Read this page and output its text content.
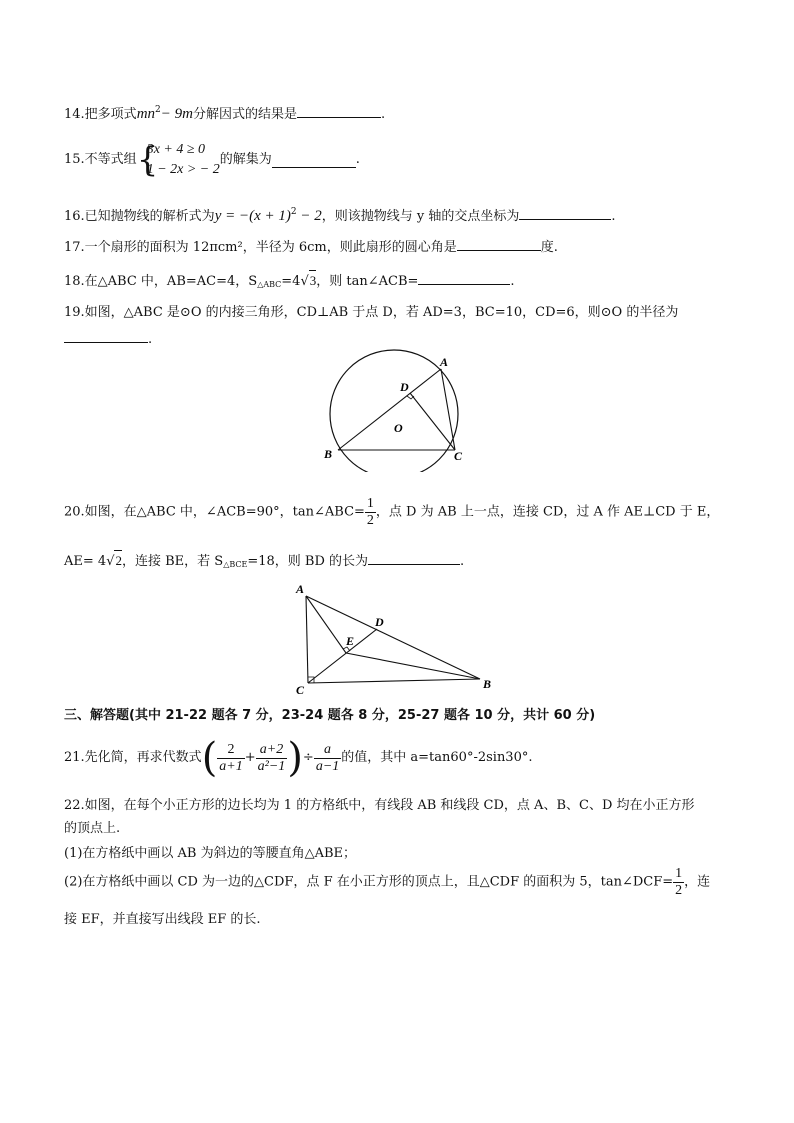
14.把多项式$mn^2- 9m$分解因式的结果是	.
15.不等式组 {
3x + 4 ≥ 0
1 − 2x > − 2
的解集为	.
16.已知抛物线的解析式为$y = -(x + 1)^2 - 2$，则该抛物线与 y 轴的交点坐标为	.
17.一个扇形的面积为 12πcm²，半径为 6cm，则此扇形的圆心角是	度.
18.在△ABC 中，AB=AC=4，$S_{\triangle ABC}=4√3$，则 tan∠ACB=	.
19.如图，△ABC 是⊙O 的内接三角形，CD⊥AB 于点 D，若 AD=3，BC=10，CD=6，则⊙O 的半径为
.
A
B	C
D
O
20.如图，在△ABC 中，∠ACB=90°，tan∠ABC= $\frac{1}{2}$ ，点 D 为 AB 上一点，连接 CD，过 A 作 AE⊥CD 于 E，
AE= 4√2，连接 BE，若 $S_{\triangle BCE}=18$，则 BD 的长为	.
A
B
C
D
E
三、解答题(其中 21-22 题各 7 分，23-24 题各 8 分，25-27 题各 10 分，共计 60 分)
21.先化简，再求代数式( $\frac{2}{a+1} + \frac{a+2}{\text{a²−1}}$ )÷ $\frac{a}{a-1}$ 的值，其中 a=tan60°-2sin30°.
22.如图，在每个小正方形的边长均为 1 的方格纸中，有线段 AB 和线段 CD，点 A、B、C、D 均在小正方形
的顶点上.
(1)在方格纸中画以 AB 为斜边的等腰直角△ABE；
(2)在方格纸中画以 CD 为一边的△CDF，点 F 在小正方形的顶点上，且△CDF 的面积为 5，tan∠DCF= $\frac{1}{2}$ ，连
接 EF，并直接写出线段 EF 的长.
